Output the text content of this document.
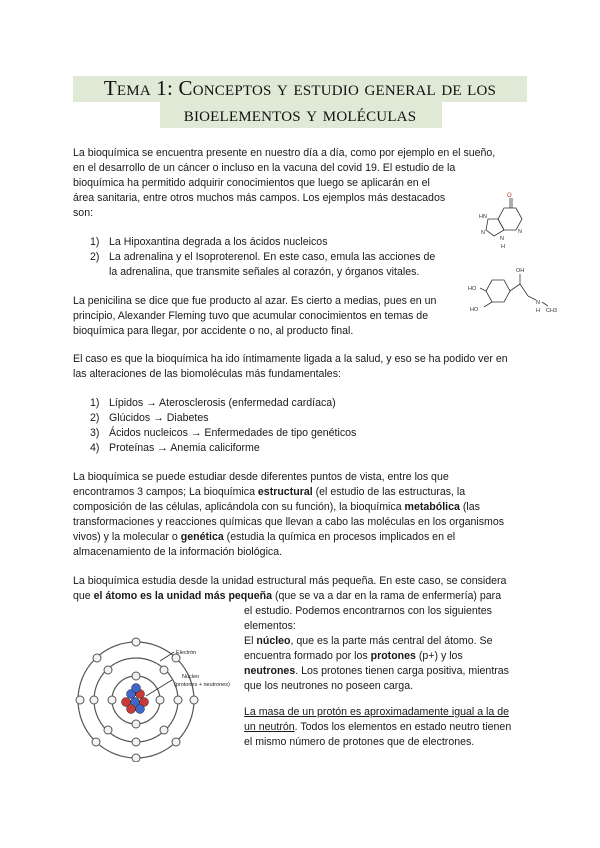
Tema 1: Conceptos y estudio general de los
bioelementos y moléculas
La bioquímica se encuentra presente en nuestro día a día, como por ejemplo en el sueño,
en el desarrollo de un cáncer o incluso en la vacuna del covid 19. El estudio de la
bioquímica ha permitido adquirir conocimientos que luego se aplicarán en el
área sanitaria, entre otros muchos más campos. Los ejemplos más destacados
son:
1) La Hipoxantina degrada a los ácidos nucleicos
2) La adrenalina y el Isoproterenol. En este caso, emula las acciones de
la adrenalina, que transmite señales al corazón, y órganos vitales.
O
HN
N
N
N
H
OH
HO
HO
N
H CH3
La penicilina se dice que fue producto al azar. Es cierto a medias, pues en un
principio, Alexander Fleming tuvo que acumular conocimientos en temas de
bioquímica para llegar, por accidente o no, al producto final.
El caso es que la bioquímica ha ido íntimamente ligada a la salud, y eso se ha podido ver en
las alteraciones de las biomoléculas más fundamentales:
1) Lípidos → Aterosclerosis (enfermedad cardíaca)
2) Glúcidos → Diabetes
3) Ácidos nucleicos → Enfermedades de tipo genéticos
4) Proteínas → Anemia caliciforme
La bioquímica se puede estudiar desde diferentes puntos de vista, entre los que
encontramos 3 campos; La bioquímica estructural (el estudio de las estructuras, la
composición de las células, aplicándola con su función), la bioquímica metabólica (las
transformaciones y reacciones químicas que llevan a cabo las moléculas en los organismos
vivos) y la molecular o genética (estudia la química en procesos implicados en el
almacenamiento de la información biológica.
La bioquímica estudia desde la unidad estructural más pequeña. En este caso, se considera
que el átomo es la unidad más pequeña (que se va a dar en la rama de enfermería) para
el estudio. Podemos encontrarnos con los siguientes
elementos:
El núcleo, que es la parte más central del átomo. Se
encuentra formado por los protones (p+) y los
neutrones. Los protones tienen carga positiva, mientras
que los neutrones no poseen carga.
La masa de un protón es aproximadamente igual a la de
un neutrón. Todos los elementos en estado neutro tienen
el mismo número de protones que de electrones.
Electrón
Núcleo
(protones + neutrones)
